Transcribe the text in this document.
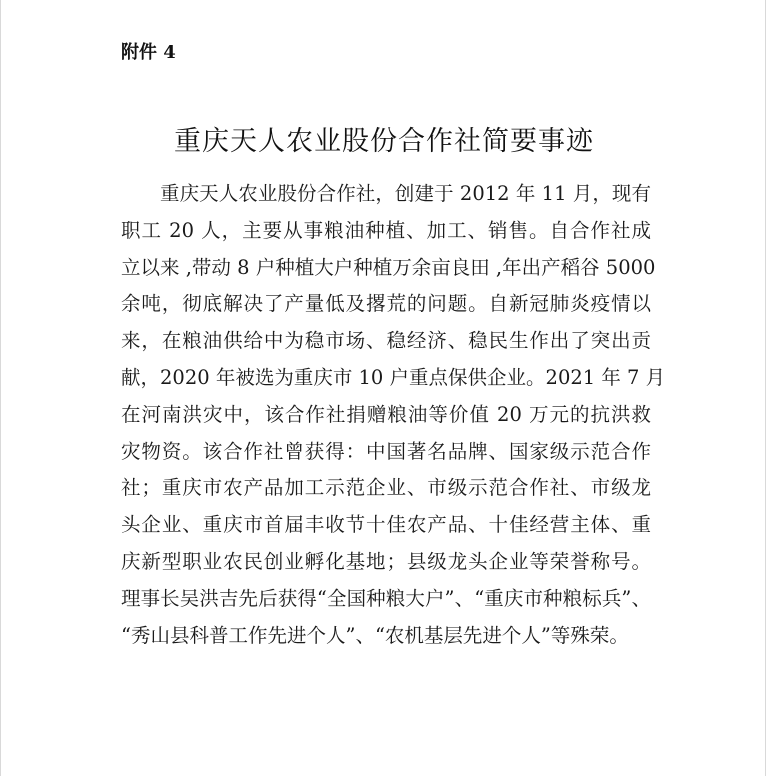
附件 4
重庆天人农业股份合作社简要事迹
重庆天人农业股份合作社，创建于 2012 年 11 月，现有
职工 20 人，主要从事粮油种植、加工、销售。自合作社成
立以来 ,带动 8 户种植大户种植万余亩良田 ,年出产稻谷 5000
余吨，彻底解决了产量低及撂荒的问题。自新冠肺炎疫情以
来，在粮油供给中为稳市场、稳经济、稳民生作出了突出贡
献，2020 年被选为重庆市 10 户重点保供企业。2021 年 7 月
在河南洪灾中，该合作社捐赠粮油等价值 20 万元的抗洪救
灾物资。该合作社曾获得：中国著名品牌、国家级示范合作
社；重庆市农产品加工示范企业、市级示范合作社、市级龙
头企业、重庆市首届丰收节十佳农产品、十佳经营主体、重
庆新型职业农民创业孵化基地；县级龙头企业等荣誉称号。
理事长吴洪吉先后获得“全国种粮大户”、“重庆市种粮标兵”、
“秀山县科普工作先进个人”、“农机基层先进个人”等殊荣。
